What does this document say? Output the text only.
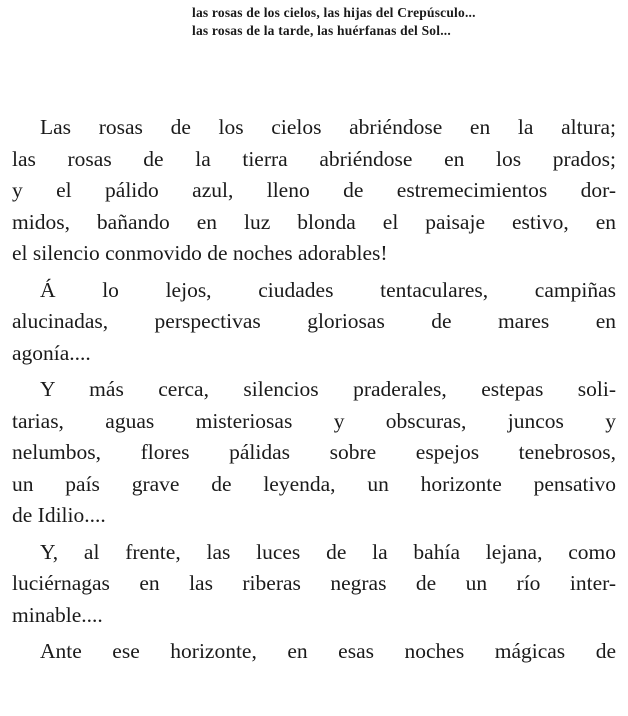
las rosas de los cielos, las hijas del Crepúsculo...
las rosas de la tarde, las huérfanas del Sol...
Las rosas de los cielos abriéndose en la altura;
las rosas de la tierra abriéndose en los prados;
y el pálido azul, lleno de estremecimientos dor-
midos, bañando en luz blonda el paisaje estivo, en
el silencio conmovido de noches adorables!
Á lo lejos, ciudades tentaculares, campiñas
alucinadas, perspectivas gloriosas de mares en
agonía....
Y más cerca, silencios praderales, estepas soli-
tarias, aguas misteriosas y obscuras, juncos y
nelumbos, flores pálidas sobre espejos tenebrosos,
un país grave de leyenda, un horizonte pensativo
de Idilio....
Y, al frente, las luces de la bahía lejana, como
luciérnagas en las riberas negras de un río inter-
minable....
Ante ese horizonte, en esas noches mágicas de
